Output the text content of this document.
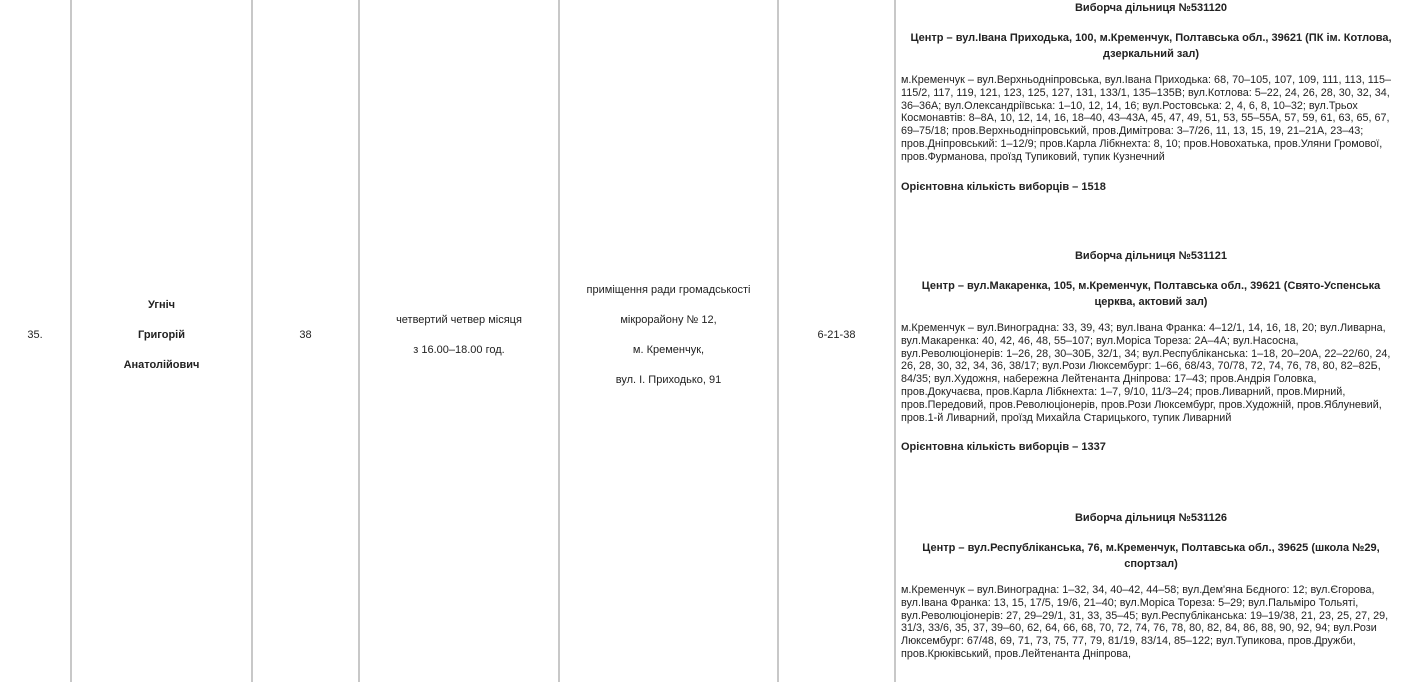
35.
Угніч
Григорій
Анатолійович
38
четвертий четвер місяця
з 16.00–18.00 год.
приміщення ради громадськості
мікрорайону № 12,
м. Кременчук,
вул. І. Приходько, 91
6-21-38
Виборча дільниця №531120
Центр – вул.Івана Приходька, 100, м.Кременчук, Полтавська обл., 39621 (ПК ім. Котлова, дзеркальний зал)
м.Кременчук – вул.Верхньодніпровська, вул.Івана Приходька: 68, 70–105, 107, 109, 111, 113, 115–115/2, 117, 119, 121, 123, 125, 127, 131, 133/1, 135–135В; вул.Котлова: 5–22, 24, 26, 28, 30, 32, 34, 36–36А; вул.Олександріївська: 1–10, 12, 14, 16; вул.Ростовська: 2, 4, 6, 8, 10–32; вул.Трьох Космонавтів: 8–8А, 10, 12, 14, 16, 18–40, 43–43А, 45, 47, 49, 51, 53, 55–55А, 57, 59, 61, 63, 65, 67, 69–75/18; пров.Верхньодніпровський, пров.Димітрова: 3–7/26, 11, 13, 15, 19, 21–21А, 23–43; пров.Дніпровський: 1–12/9; пров.Карла Лібкнехта: 8, 10; пров.Новохатька, пров.Уляни Громової, пров.Фурманова, проїзд Тупиковий, тупик Кузнечний
Орієнтовна кількість виборців – 1518
Виборча дільниця №531121
Центр – вул.Макаренка, 105, м.Кременчук, Полтавська обл., 39621 (Свято-Успенська церква, актовий зал)
м.Кременчук – вул.Виноградна: 33, 39, 43; вул.Івана Франка: 4–12/1, 14, 16, 18, 20; вул.Ливарна, вул.Макаренка: 40, 42, 46, 48, 55–107; вул.Моріса Тореза: 2А–4А; вул.Насосна, вул.Революціонерів: 1–26, 28, 30–30Б, 32/1, 34; вул.Республіканська: 1–18, 20–20А, 22–22/60, 24, 26, 28, 30, 32, 34, 36, 38/17; вул.Рози Люксембург: 1–66, 68/43, 70/78, 72, 74, 76, 78, 80, 82–82Б, 84/35; вул.Художня, набережна Лейтенанта Дніпрова: 17–43; пров.Андрія Головка, пров.Докучаєва, пров.Карла Лібкнехта: 1–7, 9/10, 11/3–24; пров.Ливарний, пров.Мирний, пров.Передовий, пров.Революціонерів, пров.Рози Люксембург, пров.Художній, пров.Яблуневий, пров.1-й Ливарний, проїзд Михайла Старицького, тупик Ливарний
Орієнтовна кількість виборців – 1337
Виборча дільниця №531126
Центр – вул.Республіканська, 76, м.Кременчук, Полтавська обл., 39625 (школа №29, спортзал)
м.Кременчук – вул.Виноградна: 1–32, 34, 40–42, 44–58; вул.Дем'яна Бєдного: 12; вул.Єгорова, вул.Івана Франка: 13, 15, 17/5, 19/6, 21–40; вул.Моріса Тореза: 5–29; вул.Пальміро Тольяті, вул.Революціонерів: 27, 29–29/1, 31, 33, 35–45; вул.Республіканська: 19–19/38, 21, 23, 25, 27, 29, 31/3, 33/6, 35, 37, 39–60, 62, 64, 66, 68, 70, 72, 74, 76, 78, 80, 82, 84, 86, 88, 90, 92, 94; вул.Рози Люксембург: 67/48, 69, 71, 73, 75, 77, 79, 81/19, 83/14, 85–122; вул.Тупикова, пров.Дружби, пров.Крюківський, пров.Лейтенанта Дніпрова,
